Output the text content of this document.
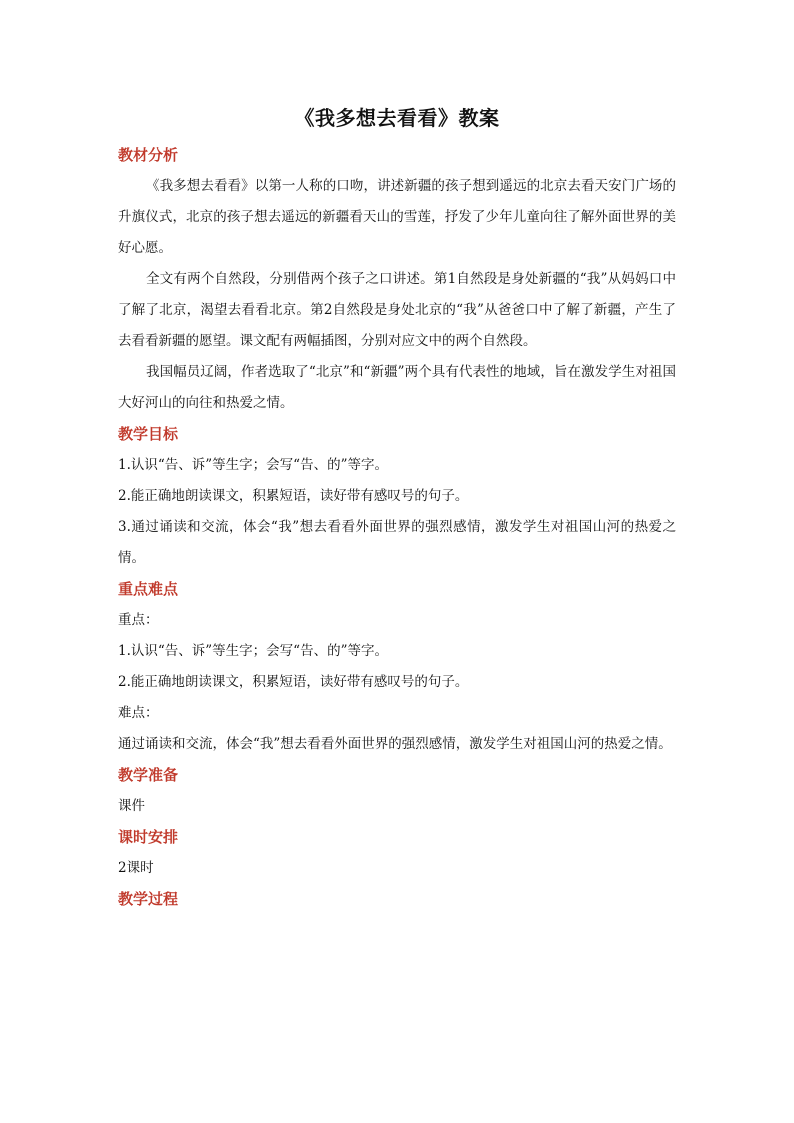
《我多想去看看》教案
教材分析

《我多想去看看》以第一人称的口吻，讲述新疆的孩子想到遥远的北京去看天安门广场的升旗仪式，北京的孩子想去遥远的新疆看天山的雪莲，抒发了少年儿童向往了解外面世界的美好心愿。

全文有两个自然段，分别借两个孩子之口讲述。第1自然段是身处新疆的“我”从妈妈口中了解了北京，渴望去看看北京。第2自然段是身处北京的“我”从爸爸口中了解了新疆，产生了去看看新疆的愿望。课文配有两幅插图，分别对应文中的两个自然段。

我国幅员辽阔，作者选取了“北京”和“新疆”两个具有代表性的地域，旨在激发学生对祖国大好河山的向往和热爱之情。

教学目标

1.认识“告、诉”等生字；会写“告、的”等字。

2.能正确地朗读课文，积累短语，读好带有感叹号的句子。

3.通过诵读和交流，体会“我”想去看看外面世界的强烈感情，激发学生对祖国山河的热爱之情。

重点难点

重点：

1.认识“告、诉”等生字；会写“告、的”等字。

2.能正确地朗读课文，积累短语，读好带有感叹号的句子。

难点：

通过诵读和交流，体会“我”想去看看外面世界的强烈感情，激发学生对祖国山河的热爱之情。

教学准备

课件

课时安排

2课时

教学过程
